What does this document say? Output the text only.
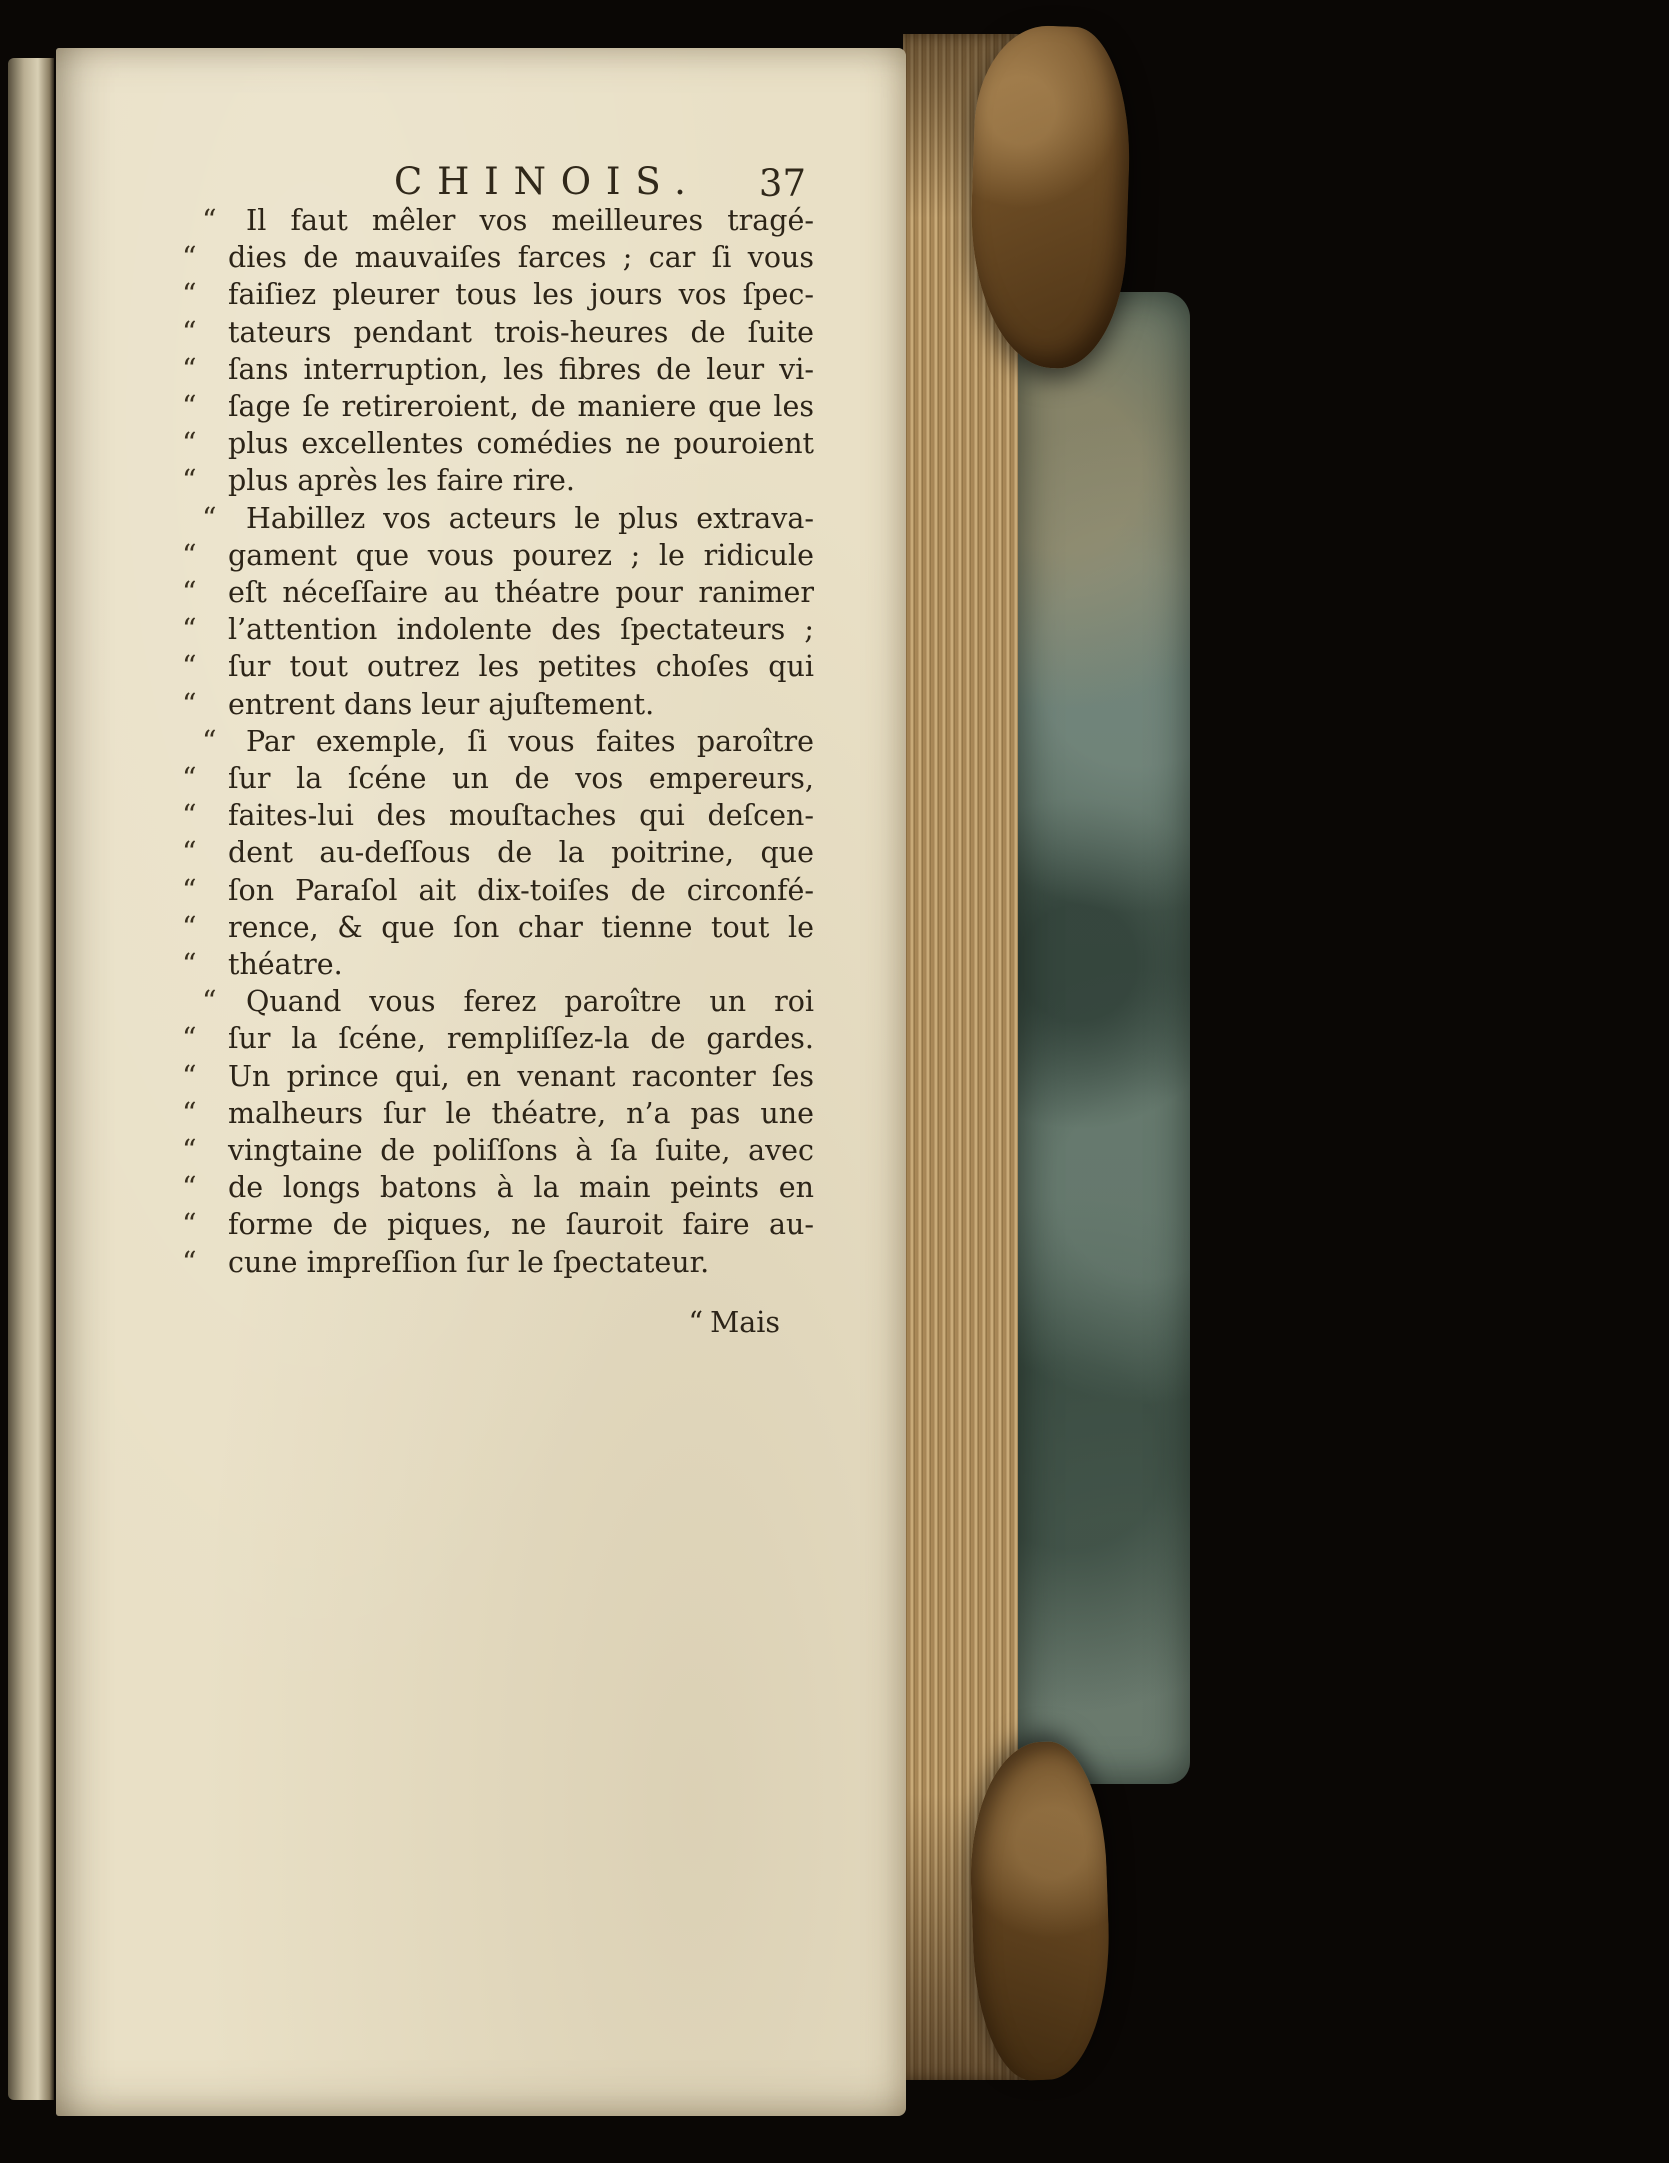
CHINOIS. 37
“	Il faut mêler vos meilleures tragé-
“	dies de mauvaiſes farces ; car ſi vous
“	faiſiez pleurer tous les jours vos ſpec-
“	tateurs pendant trois-heures de ſuite
“	ſans interruption, les fibres de leur vi-
“	ſage ſe retireroient, de maniere que les
“	plus excellentes comédies ne pouroient
“	plus après les faire rire.
“	Habillez vos acteurs le plus extrava-
“	gament que vous pourez ; le ridicule
“	eſt néceſſaire au théatre pour ranimer
“	l’attention indolente des ſpectateurs ;
“	ſur tout outrez les petites choſes qui
“	entrent dans leur ajuſtement.
“	Par exemple, ſi vous faites paroître
“	ſur la ſcéne un de vos empereurs,
“	faites-lui des mouſtaches qui deſcen-
“	dent au-deſſous de la poitrine, que
“	ſon Paraſol ait dix-toiſes de circonfé-
“	rence, & que ſon char tienne tout le
“	théatre.
“	Quand vous ferez paroître un roi
“	ſur la ſcéne, rempliſſez-la de gardes.
“	Un prince qui, en venant raconter ſes
“	malheurs ſur le théatre, n’a pas une
“	vingtaine de poliſſons à ſa ſuite, avec
“	de longs batons à la main peints en
“	forme de piques, ne ſauroit faire au-
“	cune impreſſion ſur le ſpectateur.
“ Mais
